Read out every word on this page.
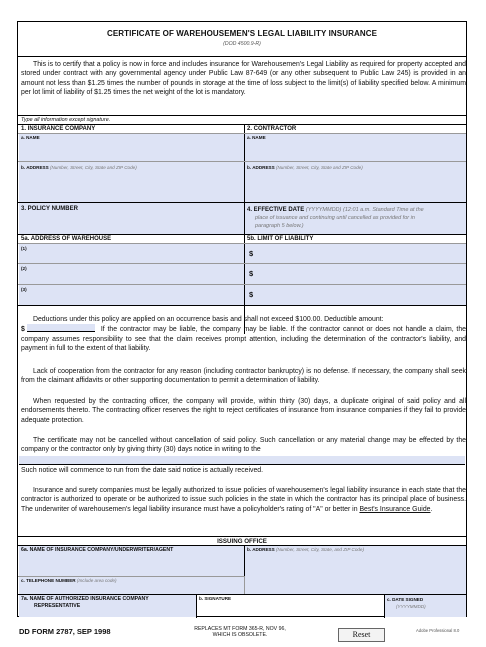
CERTIFICATE OF WAREHOUSEMEN'S LEGAL LIABILITY INSURANCE
(DOD 4500.9-R)
This is to certify that a policy is now in force and includes insurance for Warehousemen's Legal Liability as required for property accepted and stored under contract with any governmental agency under Public Law 87-649 (or any other subsequent to Public Law 245) is provided in an amount not less than $1.25 times the number of pounds in storage at the time of loss subject to the limit(s) of liability specified below. A minimum per lot limit of liability of $1.25 times the net weight of the lot is mandatory.
Type all information except signature.
1. INSURANCE COMPANY	2. CONTRACTOR
a. NAME	a. NAME
b. ADDRESS (Number, Street, City, State and ZIP Code)	b. ADDRESS (Number, Street, City, State and ZIP Code)
3. POLICY NUMBER	4. EFFECTIVE DATE (YYYYMMDD) (12:01 a.m. Standard Time at the
place of issuance and continuing until cancelled as provided for in
paragraph 5 below.)
5a. ADDRESS OF WAREHOUSE	5b. LIMIT OF LIABILITY
(1)
$
(2)
$
(3)
$
Deductions under this policy are applied on an occurrence basis and shall not exceed $100.00. Deductible amount:
$	If the contractor may be liable, the company may be liable. If the contractor cannot or does not handle a claim, the company assumes responsibility to see that the claim receives prompt attention, including the determination of the contractor's liability, and payment in full to the extent of that liability.
Lack of cooperation from the contractor for any reason (including contractor bankruptcy) is no defense. If necessary, the company shall seek from the claimant affidavits or other supporting documentation to permit a determination of liability.
When requested by the contracting officer, the company will provide, within thirty (30) days, a duplicate original of said policy and all endorsements thereto. The contracting officer reserves the right to reject certificates of insurance from insurance companies if they fail to provide adequate protection.
The certificate may not be cancelled without cancellation of said policy. Such cancellation or any material change may be effected by the company or the contractor only by giving thirty (30) days notice in writing to the
Such notice will commence to run from the date said notice is actually received.
Insurance and surety companies must be legally authorized to issue policies of warehousemen's legal liability insurance in each state that the contractor is authorized to operate or be authorized to issue such policies in the state in which the contractor has its principal place of business. The underwriter of warehousemen's legal liability insurance must have a policyholder's rating of "A" or better in Best's Insurance Guide.
ISSUING OFFICE
6a. NAME OF INSURANCE COMPANY/UNDERWRITER/AGENT	b. ADDRESS (Number, Street, City, State, and ZIP Code)
c. TELEPHONE NUMBER (Include area code)
7a. NAME OF AUTHORIZED INSURANCE COMPANY
REPRESENTATIVE
b. SIGNATURE	c. DATE SIGNED
(YYYYMMDD)
DD FORM 2787, SEP 1998	REPLACES MT FORM 365-R, NOV 96,
WHICH IS OBSOLETE.	Reset	Adobe Professional 8.0
